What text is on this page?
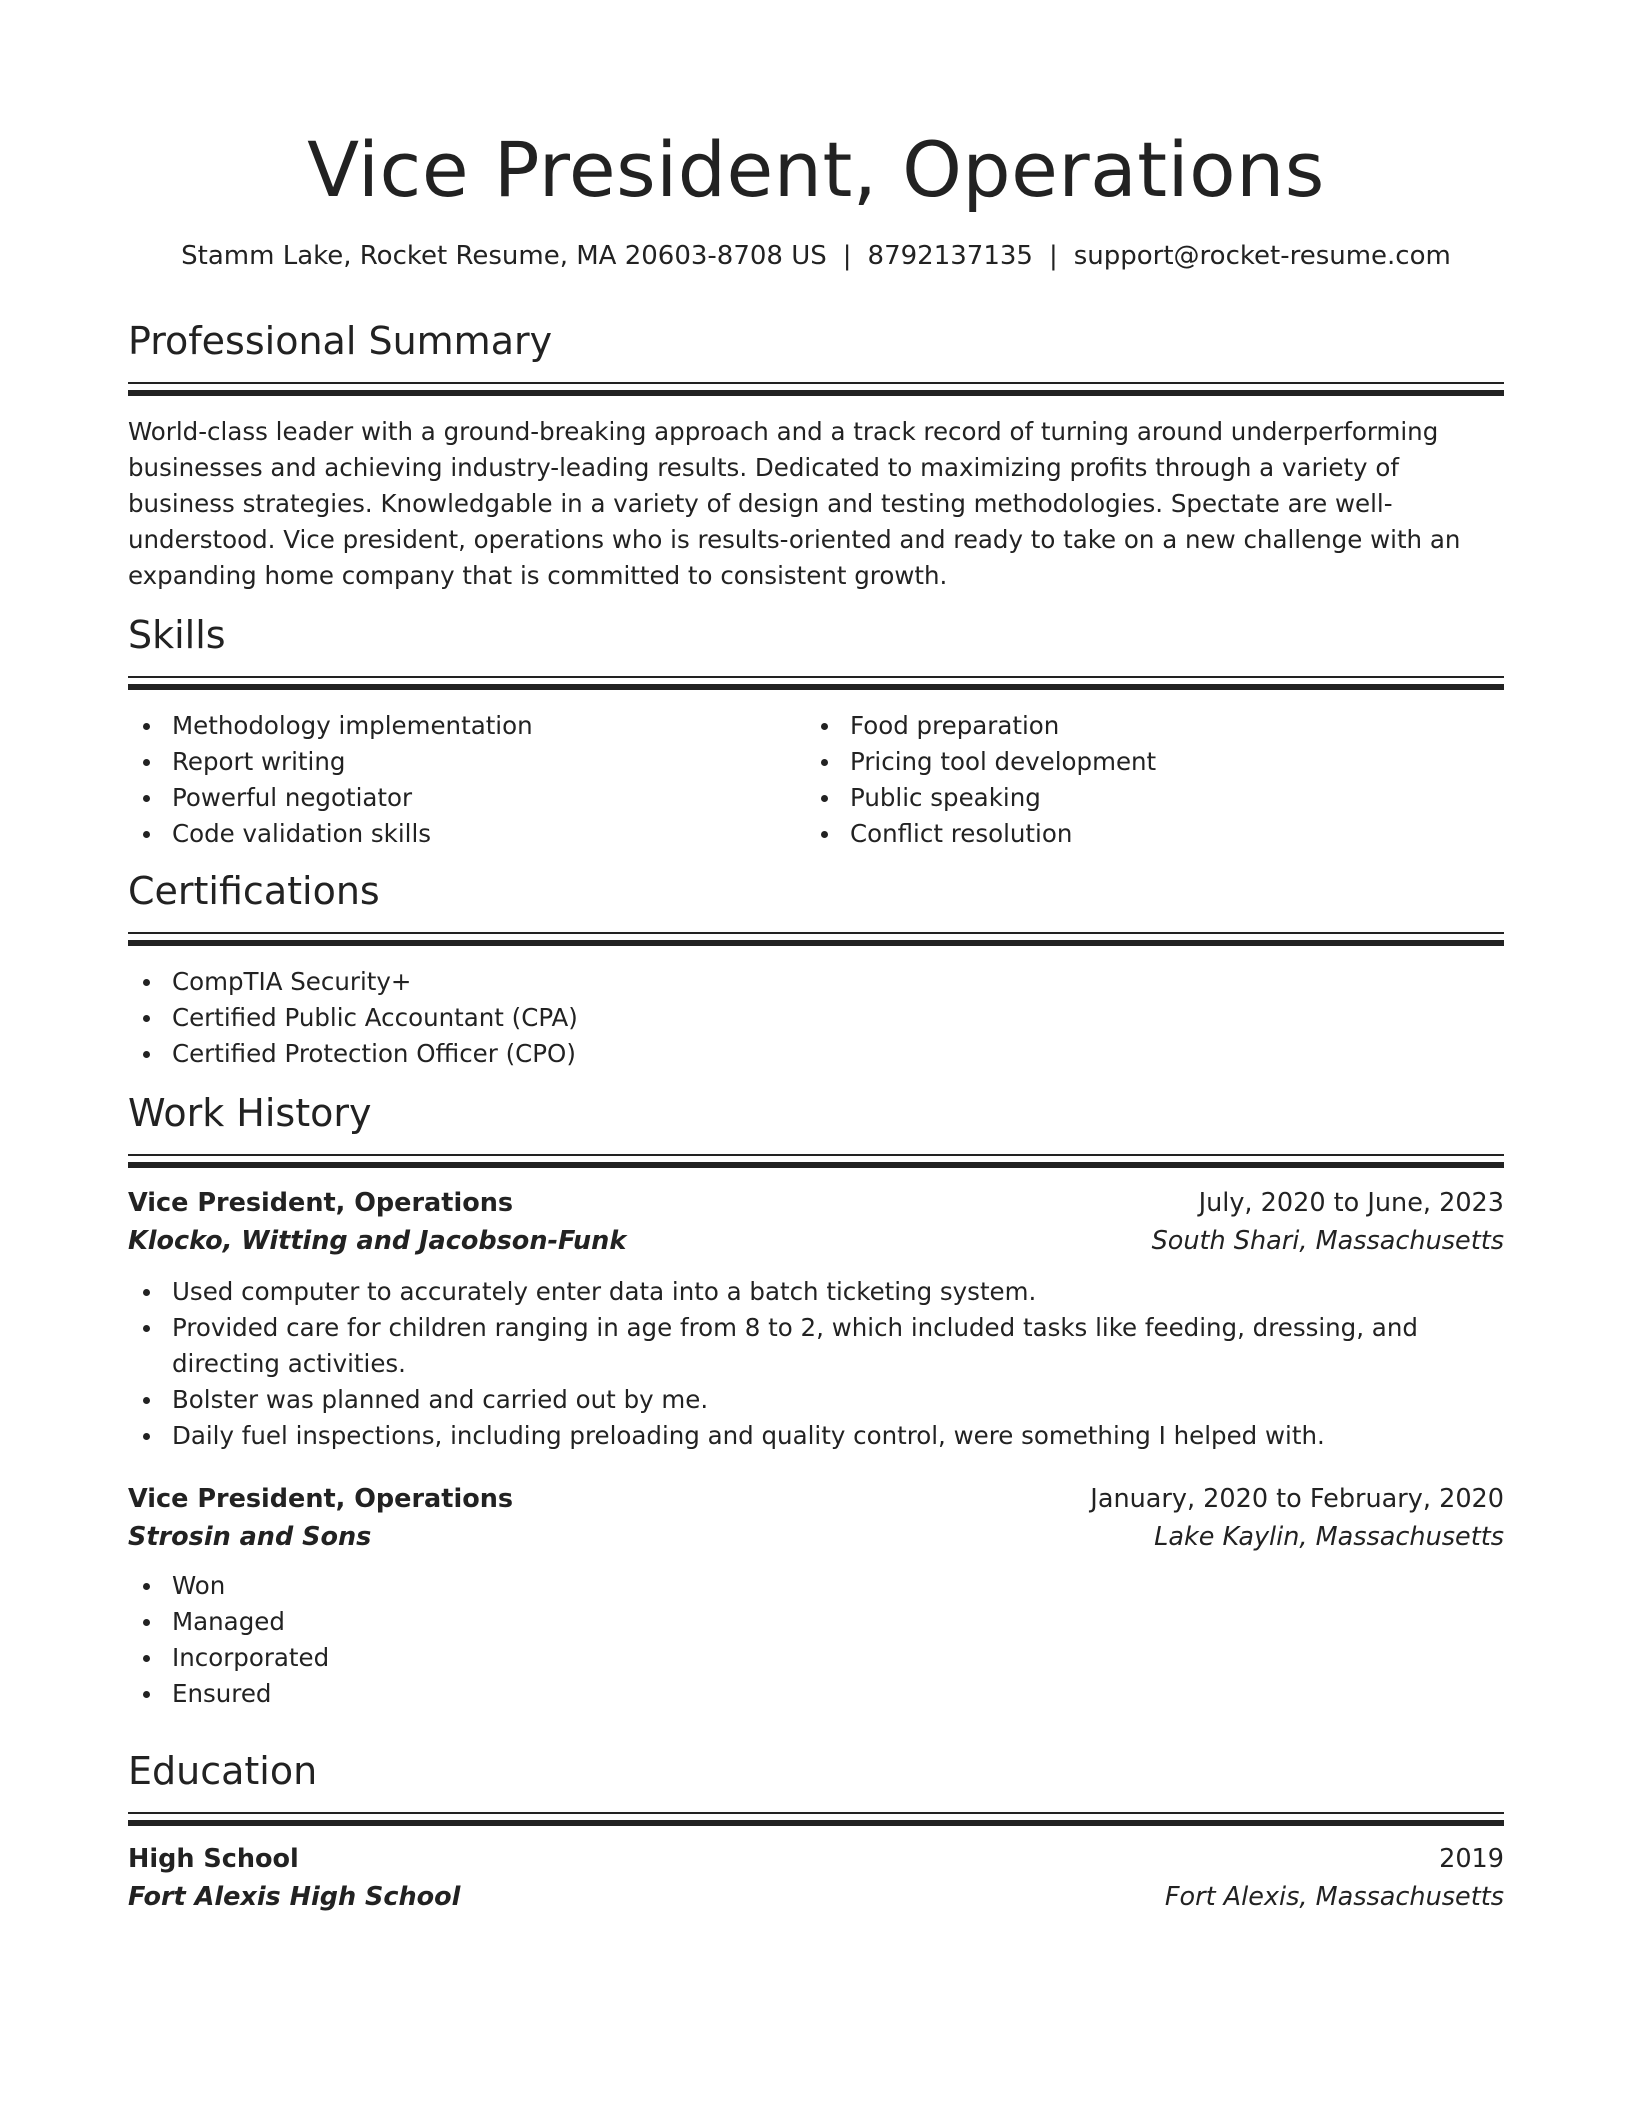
Vice President, Operations
Stamm Lake, Rocket Resume, MA 20603-8708 US | 8792137135 | support@rocket-resume.com
Professional Summary
World-class leader with a ground-breaking approach and a track record of turning around underperforming businesses and achieving industry-leading results. Dedicated to maximizing profits through a variety of business strategies. Knowledgable in a variety of design and testing methodologies. Spectate are well-understood. Vice president, operations who is results-oriented and ready to take on a new challenge with an expanding home company that is committed to consistent growth.
Skills
Methodology implementation
Report writing
Powerful negotiator
Code validation skills
Food preparation
Pricing tool development
Public speaking
Conflict resolution
Certifications
CompTIA Security+
Certified Public Accountant (CPA)
Certified Protection Officer (CPO)
Work History
Vice President, Operations	July, 2020 to June, 2023
Klocko, Witting and Jacobson-Funk	South Shari, Massachusetts
Used computer to accurately enter data into a batch ticketing system.
Provided care for children ranging in age from 8 to 2, which included tasks like feeding, dressing, and directing activities.
Bolster was planned and carried out by me.
Daily fuel inspections, including preloading and quality control, were something I helped with.
Vice President, Operations	January, 2020 to February, 2020
Strosin and Sons	Lake Kaylin, Massachusetts
Won
Managed
Incorporated
Ensured
Education
High School	2019
Fort Alexis High School	Fort Alexis, Massachusetts
